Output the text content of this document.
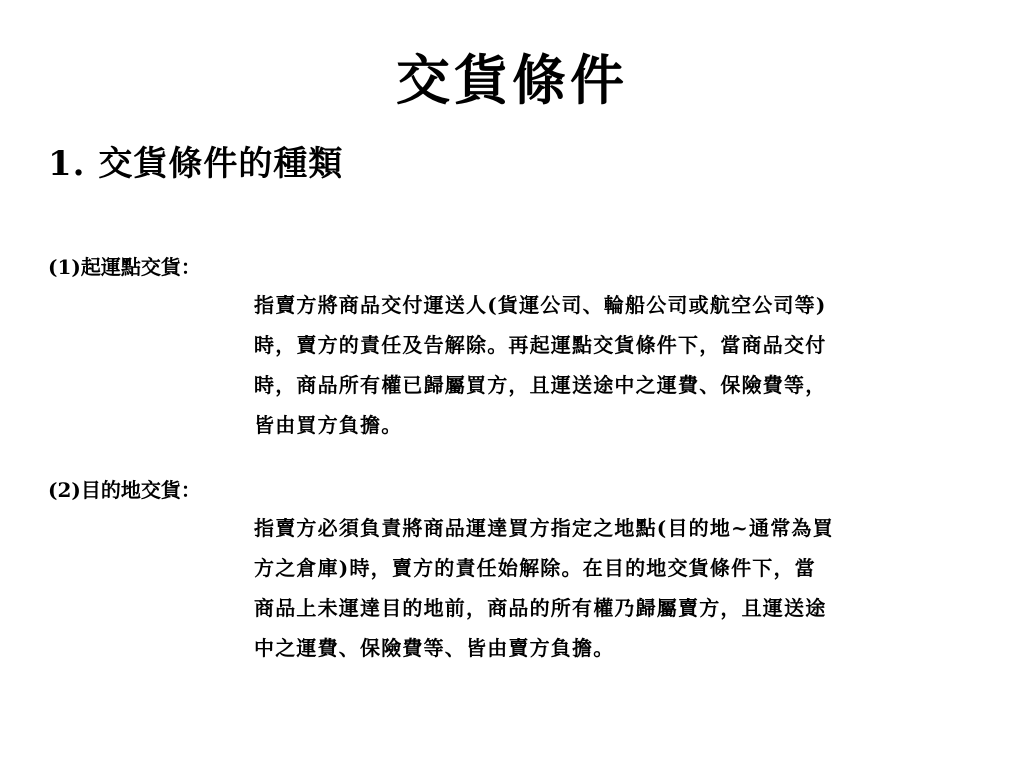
交貨條件
1. 交貨條件的種類
(1)起運點交貨：
指賣方將商品交付運送人(貨運公司、輪船公司或航空公司等)
時，賣方的責任及告解除。再起運點交貨條件下，當商品交付
時，商品所有權已歸屬買方，且運送途中之運費、保險費等，
皆由買方負擔。
(2)目的地交貨：
指賣方必須負責將商品運達買方指定之地點(目的地~通常為買
方之倉庫)時，賣方的責任始解除。在目的地交貨條件下，當
商品上未運達目的地前，商品的所有權乃歸屬賣方，且運送途
中之運費、保險費等、皆由賣方負擔。
